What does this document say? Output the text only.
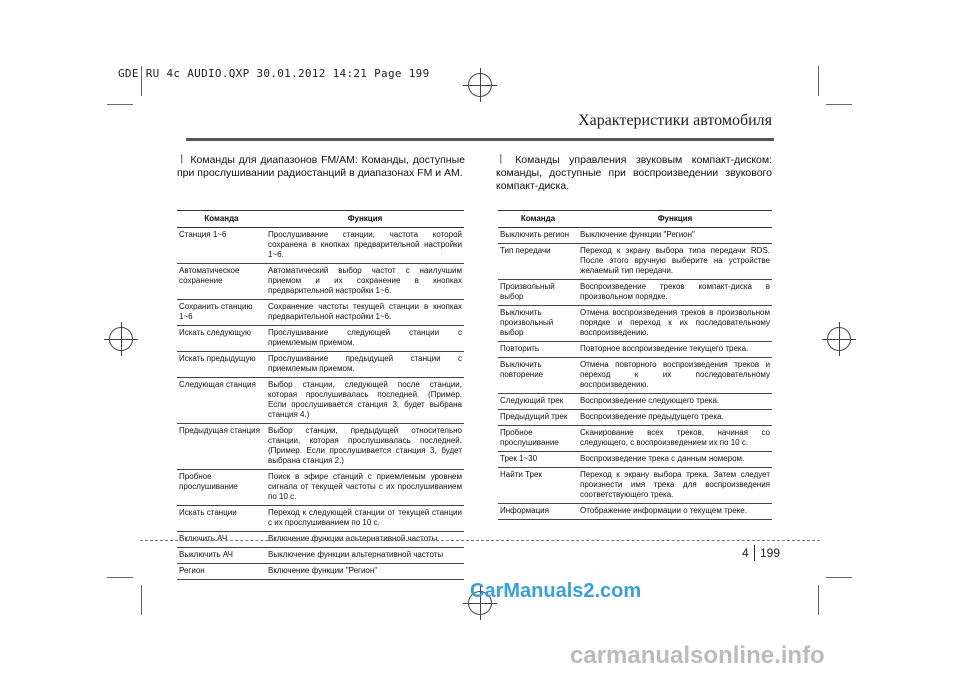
GDE RU 4c AUDIO.QXP 30.01.2012 14:21 Page 199
Характеристики автомобиля
ㅣ Команды для диапазонов FM/AM: Команды, доступные при прослушивании радиостанций в диапазонах FM и AM.
Команда	Функция
Станция 1~6	Прослушивание станции, частота которой сохранена в кнопках предварительной настройки 1~6.
Автоматическое сохранение	Автоматический выбор частот с наилучшим приемом и их сохранение в кнопках предварительной настройки 1~6.
Сохранить станцию 1~6	Сохранение частоты текущей станции в кнопках предварительной настройки 1~6.
Искать следующую	Прослушивание следующей станции с приемлемым приемом.
Искать предыдущую	Прослушивание предыдущей станции с приемлемым приемом.
Следующая станция	Выбор станции, следующей после станции, которая прослушивалась последней. (Пример. Если прослушивается станция 3, будет выбрана станция 4.)
Предыдущая станция	Выбор станции, предыдущей относительно станции, которая прослушивалась последней. (Пример. Если прослушивается станция 3, будет выбрана станция 2.)
Пробное прослушивание	Поиск в эфире станций с приемлемым уровнем сигнала от текущей частоты с их прослушиванием по 10 с.
Искать станции	Переход к следующей станции от текущей станции с их прослушиванием по 10 с.
Включить АЧ	Включение функции альтернативной частоты
Выключить АЧ	Выключение функции альтернативной частоты
Регион	Включение функции "Регион"
ㅣ Команды управления звуковым компакт-диском: команды, доступные при воспроизведении звукового компакт-диска.
Команда	Функция
Выключить регион	Выключение функции "Регион"
Тип передачи	Переход к экрану выбора типа передачи RDS. После этого вручную выберите на устройстве желаемый тип передачи.
Произвольный выбор	Воспроизведение треков компакт-диска в произвольном порядке.
Выключить произвольный выбор	Отмена воспроизведения треков в произвольном порядке и переход к их последовательному воспроизведению.
Повторить	Повторное воспроизведение текущего трека.
Выключить повторение	Отмена повторного воспроизведения треков и переход к их последовательному воспроизведению.
Следующий трек	Воспроизведение следующего трека.
Предыдущий трек	Воспроизведение предыдущего трека.
Пробное прослушивание	Сканирование всех треков, начиная со следующего, с воспроизведением их по 10 с.
Трек 1~30	Воспроизведение трека с данным номером.
Найти Трек	Переход к экрану выбора трека. Затем следует произнести имя трека для воспроизведения соответствующего трека.
Информация	Отображение информации о текущем треке.
4 199
CarManuals2.com
carmanualsonline.info
